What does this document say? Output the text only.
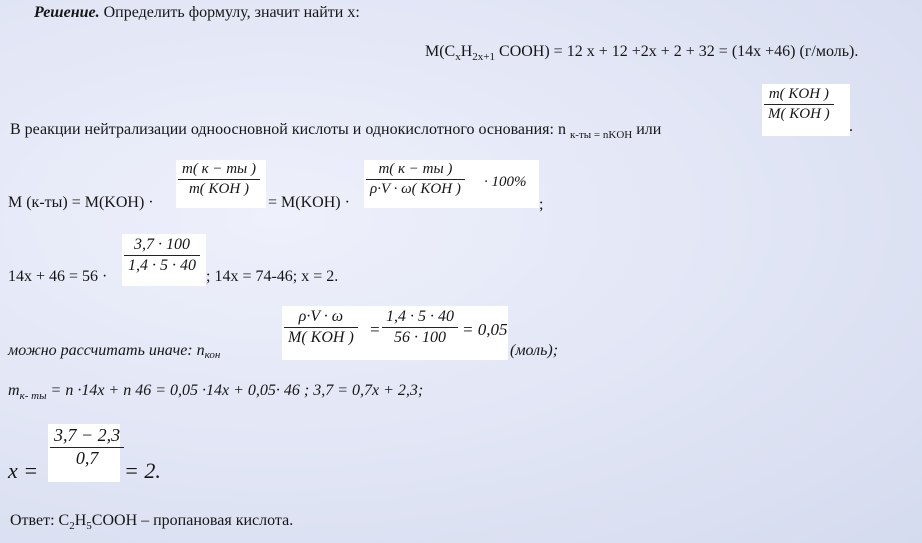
Решение. Определить формулу, значит найти х:
$M(C_xH_{2x+1}$ COOH) = 12 x + 12 +2x + 2 + 32 = (14x +46) (г/моль).
В реакции нейтрализации одноосновной кислоты и однокислотного основания: n $_{к-ты = nKOH}$ или
m( KOH )
M( KOH )
.
M (к-ты) = M(KOH) ·
m( к − ты )
m( KOH )
= M(KOH) ·
m( к − ты )
ρ·V · ω( KOH ) · 100%
;
14x + 46 = 56 ·
3,7 · 100
1,4 · 5 · 40
; 14x = 74-46; x = 2.
можно рассчитать иначе: nкон
ρ·V · ω
M( KOH ) =
1,4 · 5 · 40
56 · 100 = 0,05
(моль);
$m_{к- ты} = n \cdot 14x + n$ 46 = 0,05 ·14x + 0,05· 46 ; 3,7 = 0,7x + 2,3;
x =
3,7 − 2,3
0,7
= 2.
Ответ: $C_2H_5COOH$ – пропановая кислота.
